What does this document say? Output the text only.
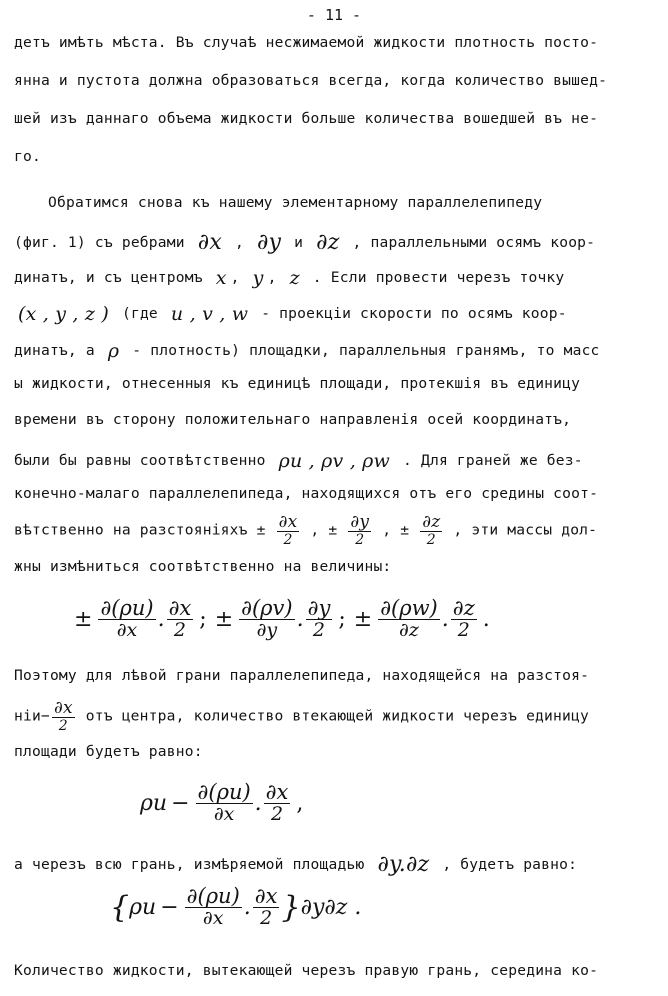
- 11 -
детъ имѣть мѣста. Въ случаѣ несжимаемой жидкости плотность посто-
янна и пустота должна образоваться всегда, когда количество вышед-
шей изъ даннаго объема жидкости больше количества вошедшей въ не-
го.
Обратимся снова къ нашему элементарному параллелепипеду
(фиг. 1) съ ребрами ∂x , ∂y и ∂z , параллельными осямъ коор-
динатъ, и съ центромъ x , y , z . Если провести черезъ точку
(x , y , z ) (где u , v , w - проекціи скорости по осямъ коор-
динатъ, а ρ - плотность) площадки, параллельныя гранямъ, то масс
ы жидкости, отнесенныя къ единицѣ площади, протекшія въ единицу
времени въ сторону положительнаго направленія осей координатъ,
были бы равны соотвѣтственно ρu , ρv , ρw . Для граней же без-
конечно-малаго параллелепипеда, находящихся отъ его средины соот-
вѣтственно на разстояніяхъ ± ∂x
2
, ± ∂y
2
, ± ∂z
2
, эти массы дол-
жны измѣниться соотвѣтственно на величины:
± $\frac{\partial(\rho u)}{\partial x}$ . $\frac{\partial x}{2}$ ; ± $\frac{\partial(\rho v)}{\partial y}$ . $\frac{\partial y}{2}$ ; ± $\frac{\partial(\rho w)}{\partial z}$ . $\frac{\partial z}{2}$ .
Поэтому для лѣвой грани параллелепипеда, находящейся на разстоя-
ніи− ∂x
2
отъ центра, количество втекающей жидкости черезъ единицу
площади будетъ равно:
$\rho u - \frac{\partial(\rho u)}{\partial x}$ . $\frac{\partial x}{2}$ ,
а черезъ всю грань, измѣряемой площадью ∂y.∂z , будетъ равно:
{ $\rho u - \frac{\partial(\rho u)}{\partial x}$ . $\frac{\partial x}{2}$ } ∂y∂z .
Количество жидкости, вытекающей черезъ правую грань, середина ко-
